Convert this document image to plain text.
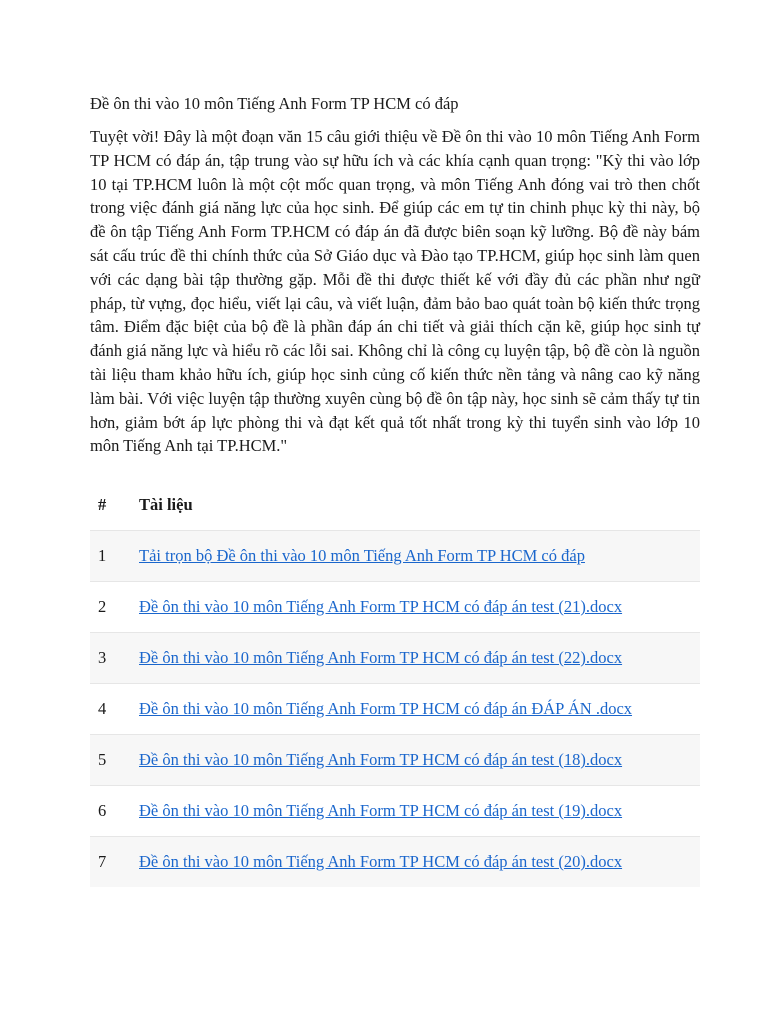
Đề ôn thi vào 10 môn Tiếng Anh Form TP HCM có đáp

Tuyệt vời! Đây là một đoạn văn 15 câu giới thiệu về Đề ôn thi vào 10 môn Tiếng Anh Form TP HCM có đáp án, tập trung vào sự hữu ích và các khía cạnh quan trọng: "Kỳ thi vào lớp 10 tại TP.HCM luôn là một cột mốc quan trọng, và môn Tiếng Anh đóng vai trò then chốt trong việc đánh giá năng lực của học sinh. Để giúp các em tự tin chinh phục kỳ thi này, bộ đề ôn tập Tiếng Anh Form TP.HCM có đáp án đã được biên soạn kỹ lưỡng. Bộ đề này bám sát cấu trúc đề thi chính thức của Sở Giáo dục và Đào tạo TP.HCM, giúp học sinh làm quen với các dạng bài tập thường gặp. Mỗi đề thi được thiết kế với đầy đủ các phần như ngữ pháp, từ vựng, đọc hiểu, viết lại câu, và viết luận, đảm bảo bao quát toàn bộ kiến thức trọng tâm. Điểm đặc biệt của bộ đề là phần đáp án chi tiết và giải thích cặn kẽ, giúp học sinh tự đánh giá năng lực và hiểu rõ các lỗi sai. Không chỉ là công cụ luyện tập, bộ đề còn là nguồn tài liệu tham khảo hữu ích, giúp học sinh củng cố kiến thức nền tảng và nâng cao kỹ năng làm bài. Với việc luyện tập thường xuyên cùng bộ đề ôn tập này, học sinh sẽ cảm thấy tự tin hơn, giảm bớt áp lực phòng thi và đạt kết quả tốt nhất trong kỳ thi tuyển sinh vào lớp 10 môn Tiếng Anh tại TP.HCM."

#	Tài liệu
1	Tải trọn bộ Đề ôn thi vào 10 môn Tiếng Anh Form TP HCM có đáp
2	Đề ôn thi vào 10 môn Tiếng Anh Form TP HCM có đáp án test (21).docx
3	Đề ôn thi vào 10 môn Tiếng Anh Form TP HCM có đáp án test (22).docx
4	Đề ôn thi vào 10 môn Tiếng Anh Form TP HCM có đáp án ĐÁP ÁN .docx
5	Đề ôn thi vào 10 môn Tiếng Anh Form TP HCM có đáp án test (18).docx
6	Đề ôn thi vào 10 môn Tiếng Anh Form TP HCM có đáp án test (19).docx
7	Đề ôn thi vào 10 môn Tiếng Anh Form TP HCM có đáp án test (20).docx
